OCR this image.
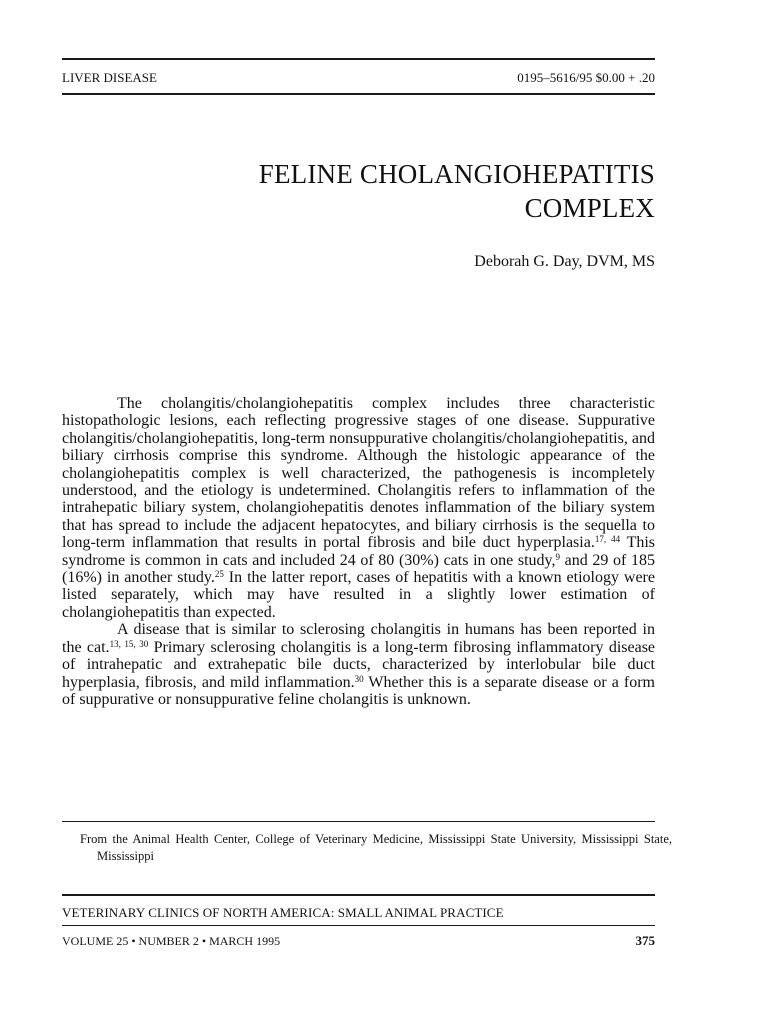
LIVER DISEASE	0195–5616/95 $0.00 + .20
FELINE CHOLANGIOHEPATITIS
COMPLEX
Deborah G. Day, DVM, MS

The cholangitis/cholangiohepatitis complex includes three characteristic histopathologic lesions, each reflecting progressive stages of one disease. Suppurative cholangitis/cholangiohepatitis, long-term nonsuppurative cholangitis/cholangiohepatitis, and biliary cirrhosis comprise this syndrome. Although the histologic appearance of the cholangiohepatitis complex is well characterized, the pathogenesis is incompletely understood, and the etiology is undetermined. Cholangitis refers to inflammation of the intrahepatic biliary system, cholangiohepatitis denotes inflammation of the biliary system that has spread to include the adjacent hepatocytes, and biliary cirrhosis is the sequella to long-term inflammation that results in portal fibrosis and bile duct hyperplasia.$^{17, 44}$ This syndrome is common in cats and included 24 of 80 (30%) cats in one study,$^9$ and 29 of 185 (16%) in another study.$^{25}$ In the latter report, cases of hepatitis with a known etiology were listed separately, which may have resulted in a slightly lower estimation of cholangiohepatitis than expected.

A disease that is similar to sclerosing cholangitis in humans has been reported in the cat.$^{13, 15, 30}$ Primary sclerosing cholangitis is a long-term fibrosing inflammatory disease of intrahepatic and extrahepatic bile ducts, characterized by interlobular bile duct hyperplasia, fibrosis, and mild inflammation.$^{30}$ Whether this is a separate disease or a form of suppurative or nonsuppurative feline cholangitis is unknown.

From the Animal Health Center, College of Veterinary Medicine, Mississippi State University, Mississippi State, Mississippi
VETERINARY CLINICS OF NORTH AMERICA: SMALL ANIMAL PRACTICE
VOLUME 25 • NUMBER 2 • MARCH 1995	375
